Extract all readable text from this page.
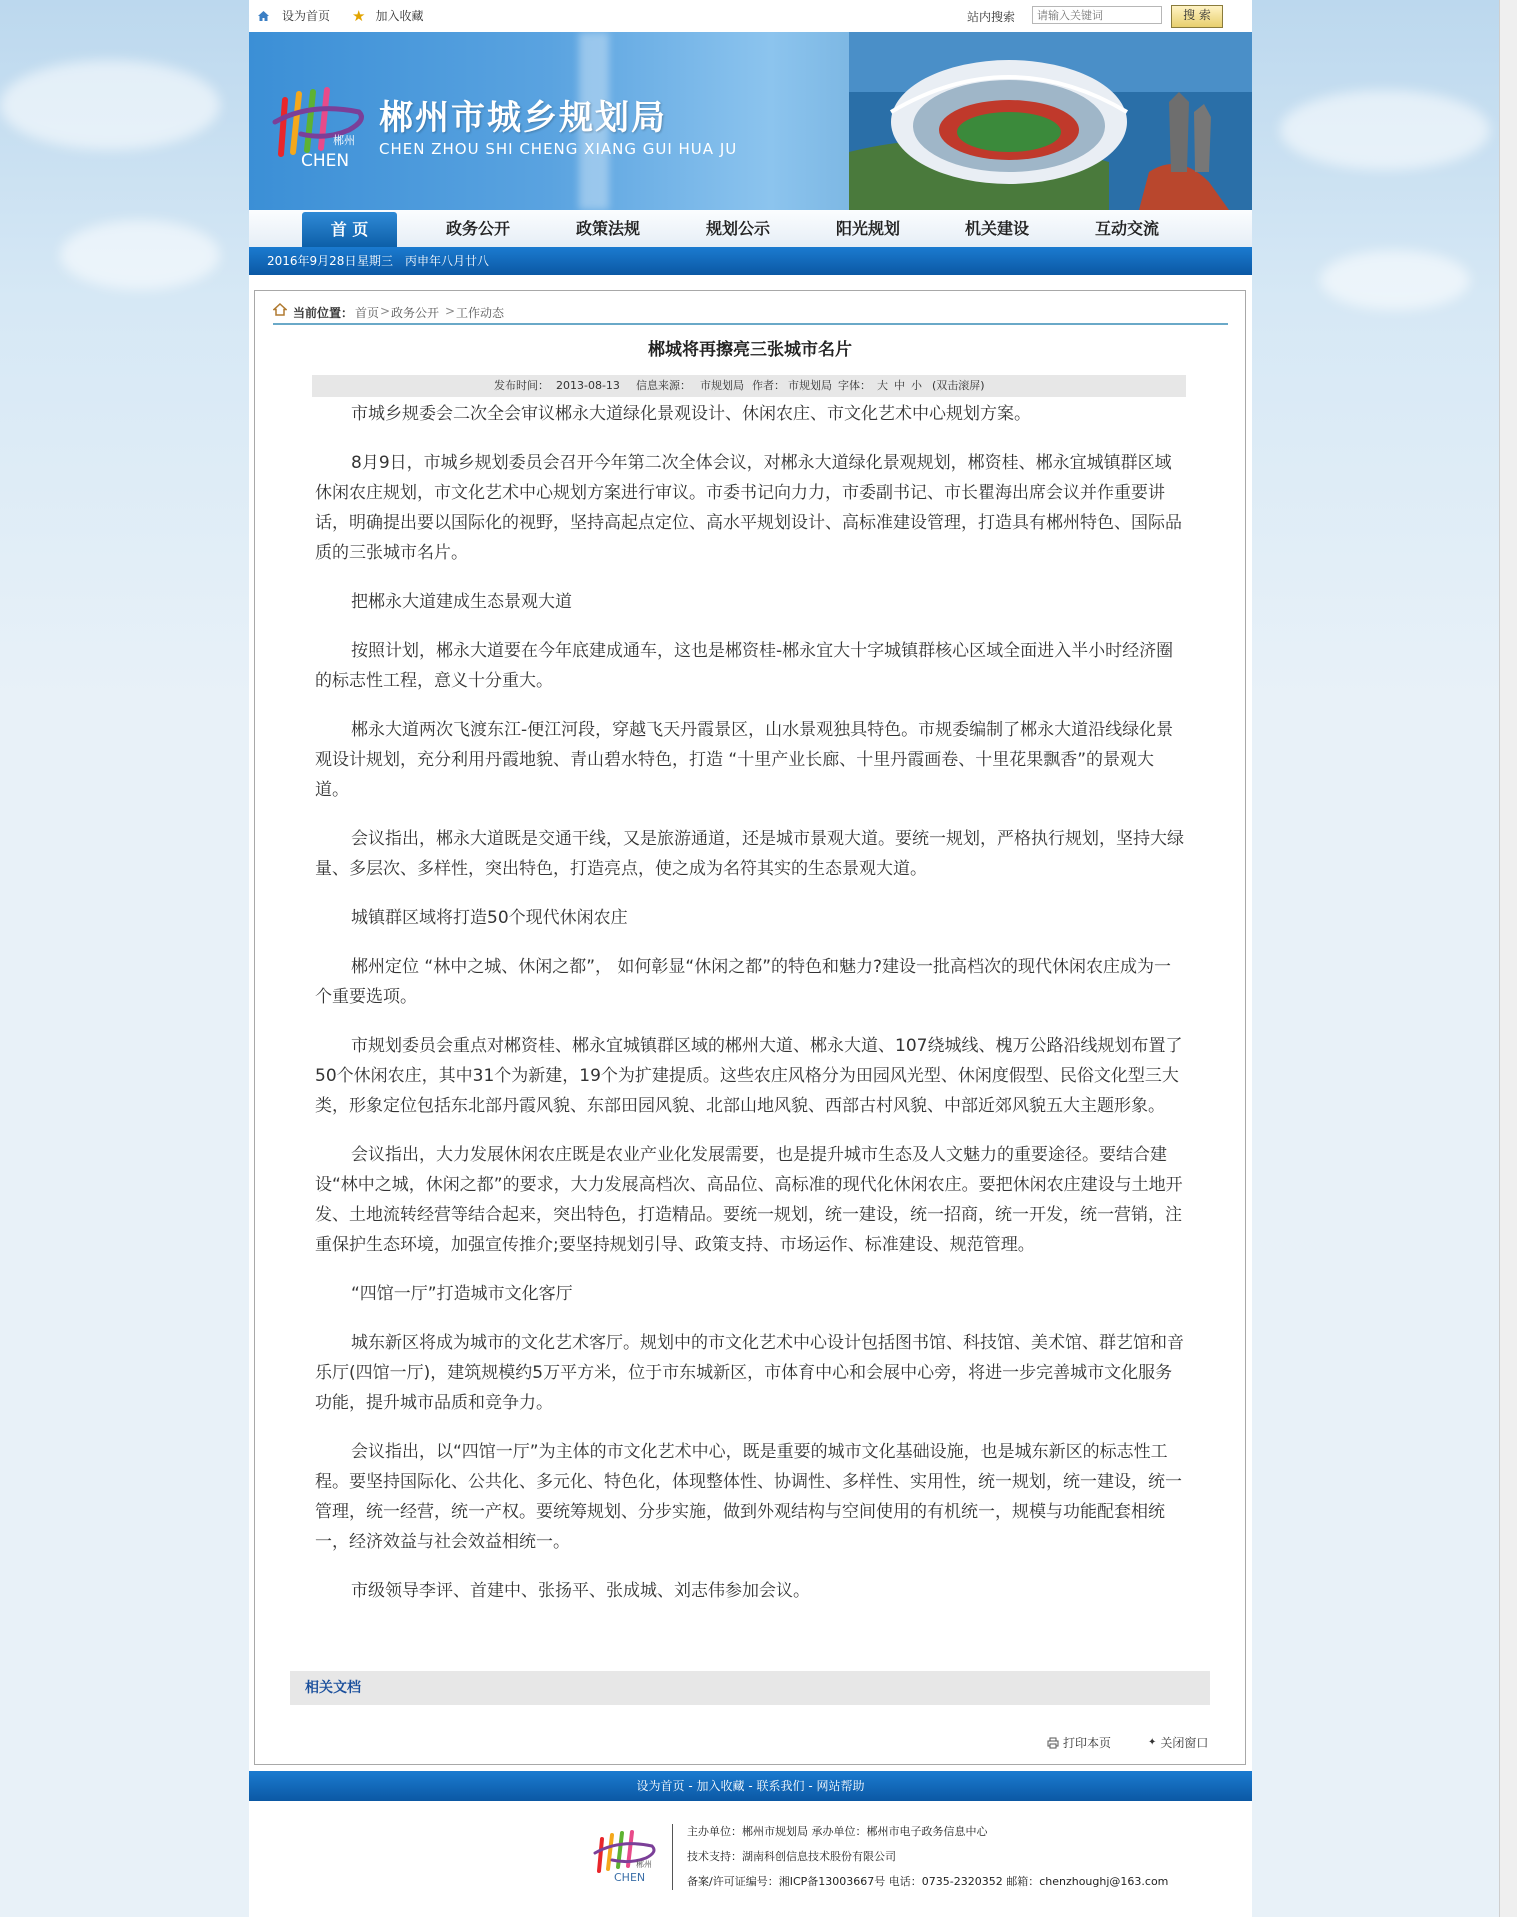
设为首页 ★ 加入收藏	站内搜索
请输入关键词	搜 索
郴州
CHEN
郴州市城乡规划局
CHEN ZHOU SHI CHENG XIANG GUI HUA JU
首 页	政务公开	政策法规	规划公示	阳光规划	机关建设	互动交流
2016年9月28日 星期三 丙申年八月廿八
当前位置： 首页 > 政务公开 > 工作动态
郴城将再擦亮三张城市名片
发布时间： 2013-08-13 信息来源： 市规划局 作者： 市规划局 字体： 大 中 小 (双击滚屏)

市城乡规委会二次全会审议郴永大道绿化景观设计、休闲农庄、市文化艺术中心规划方案。

8月9日，市城乡规划委员会召开今年第二次全体会议，对郴永大道绿化景观规划，郴资桂、郴永宜城镇群区域休闲农庄规划，市文化艺术中心规划方案进行审议。市委书记向力力，市委副书记、市长瞿海出席会议并作重要讲话，明确提出要以国际化的视野，坚持高起点定位、高水平规划设计、高标准建设管理，打造具有郴州特色、国际品质的三张城市名片。

把郴永大道建成生态景观大道

按照计划，郴永大道要在今年底建成通车，这也是郴资桂-郴永宜大十字城镇群核心区域全面进入半小时经济圈的标志性工程，意义十分重大。

郴永大道两次飞渡东江-便江河段，穿越飞天丹霞景区，山水景观独具特色。市规委编制了郴永大道沿线绿化景观设计规划，充分利用丹霞地貌、青山碧水特色，打造 “十里产业长廊、十里丹霞画卷、十里花果飘香”的景观大道。

会议指出，郴永大道既是交通干线，又是旅游通道，还是城市景观大道。要统一规划，严格执行规划，坚持大绿量、多层次、多样性，突出特色，打造亮点，使之成为名符其实的生态景观大道。

城镇群区域将打造50个现代休闲农庄

郴州定位 “林中之城、休闲之都”， 如何彰显“休闲之都”的特色和魅力?建设一批高档次的现代休闲农庄成为一个重要选项。

市规划委员会重点对郴资桂、郴永宜城镇群区域的郴州大道、郴永大道、107绕城线、槐万公路沿线规划布置了50个休闲农庄，其中31个为新建，19个为扩建提质。这些农庄风格分为田园风光型、休闲度假型、民俗文化型三大类，形象定位包括东北部丹霞风貌、东部田园风貌、北部山地风貌、西部古村风貌、中部近郊风貌五大主题形象。

会议指出，大力发展休闲农庄既是农业产业化发展需要，也是提升城市生态及人文魅力的重要途径。要结合建设“林中之城，休闲之都”的要求，大力发展高档次、高品位、高标准的现代化休闲农庄。要把休闲农庄建设与土地开发、土地流转经营等结合起来，突出特色，打造精品。要统一规划，统一建设，统一招商，统一开发，统一营销，注重保护生态环境，加强宣传推介;要坚持规划引导、政策支持、市场运作、标准建设、规范管理。

“四馆一厅”打造城市文化客厅

城东新区将成为城市的文化艺术客厅。规划中的市文化艺术中心设计包括图书馆、科技馆、美术馆、群艺馆和音乐厅(四馆一厅)，建筑规模约5万平方米，位于市东城新区，市体育中心和会展中心旁，将进一步完善城市文化服务功能，提升城市品质和竞争力。

会议指出，以“四馆一厅”为主体的市文化艺术中心，既是重要的城市文化基础设施，也是城东新区的标志性工程。要坚持国际化、公共化、多元化、特色化，体现整体性、协调性、多样性、实用性，统一规划，统一建设，统一管理，统一经营，统一产权。要统筹规划、分步实施，做到外观结构与空间使用的有机统一，规模与功能配套相统一，经济效益与社会效益相统一。

市级领导李评、首建中、张扬平、张成城、刘志伟参加会议。

相关文档
打印本页	✦ 关闭窗口
设为首页 - 加入收藏 - 联系我们 - 网站帮助
郴州
CHEN
主办单位：郴州市规划局 承办单位：郴州市电子政务信息中心
技术支持：湖南科创信息技术股份有限公司
备案/许可证编号：湘ICP备13003667号 电话：0735-2320352 邮箱：chenzhoughj@163.com
